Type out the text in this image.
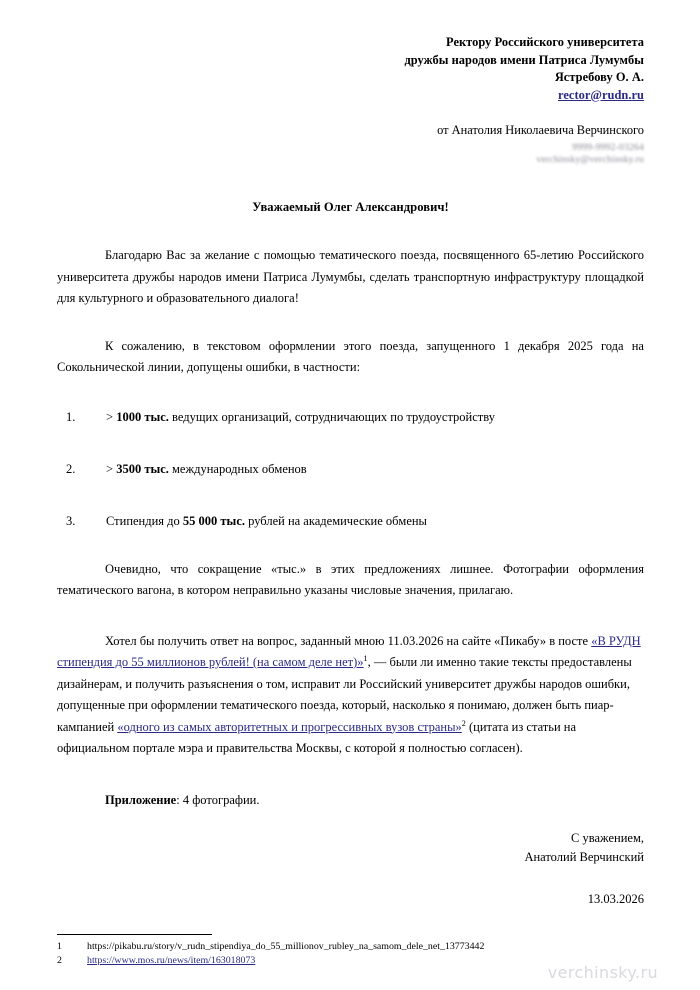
Ректору Российского университета
дружбы народов имени Патриса Лумумбы
Ястребову О. А.
rector@rudn.ru
от Анатолия Николаевича Верчинского
9999-9992-03264
verchinsky@verchinsky.ru
Уважаемый Олег Александрович!

Благодарю Вас за желание с помощью тематического поезда, посвященного 65-летию Российского университета дружбы народов имени Патриса Лумумбы, сделать транспортную инфраструктуру площадкой для культурного и образовательного диалога!

К сожалению, в текстовом оформлении этого поезда, запущенного 1 декабря 2025 года на Сокольнической линии, допущены ошибки, в частности:

1.	> 1000 тыс. ведущих организаций, сотрудничающих по трудоустройству
2.	> 3500 тыс. международных обменов
3.	Стипендия до 55 000 тыс. рублей на академические обмены

Очевидно, что сокращение «тыс.» в этих предложениях лишнее. Фотографии оформления тематического вагона, в котором неправильно указаны числовые значения, прилагаю.

Хотел бы получить ответ на вопрос, заданный мною 11.03.2026 на сайте «Пикабу» в посте «В РУДН стипендия до 55 миллионов рублей! (на самом деле нет)»$^1$, — были ли именно такие тексты предоставлены дизайнерам, и получить разъяснения о том, исправит ли Российский университет дружбы народов ошибки, допущенные при оформлении тематического поезда, который, насколько я понимаю, должен быть пиар-кампанией «одного из самых авторитетных и прогрессивных вузов страны»$^2$ (цитата из статьи на официальном портале мэра и правительства Москвы, с которой я полностью согласен).

Приложение: 4 фотографии.
С уважением,
Анатолий Верчинский
13.03.2026
1	https://pikabu.ru/story/v_rudn_stipendiya_do_55_millionov_rubley_na_samom_dele_net_13773442
2	https://www.mos.ru/news/item/163018073
verchinsky.ru
